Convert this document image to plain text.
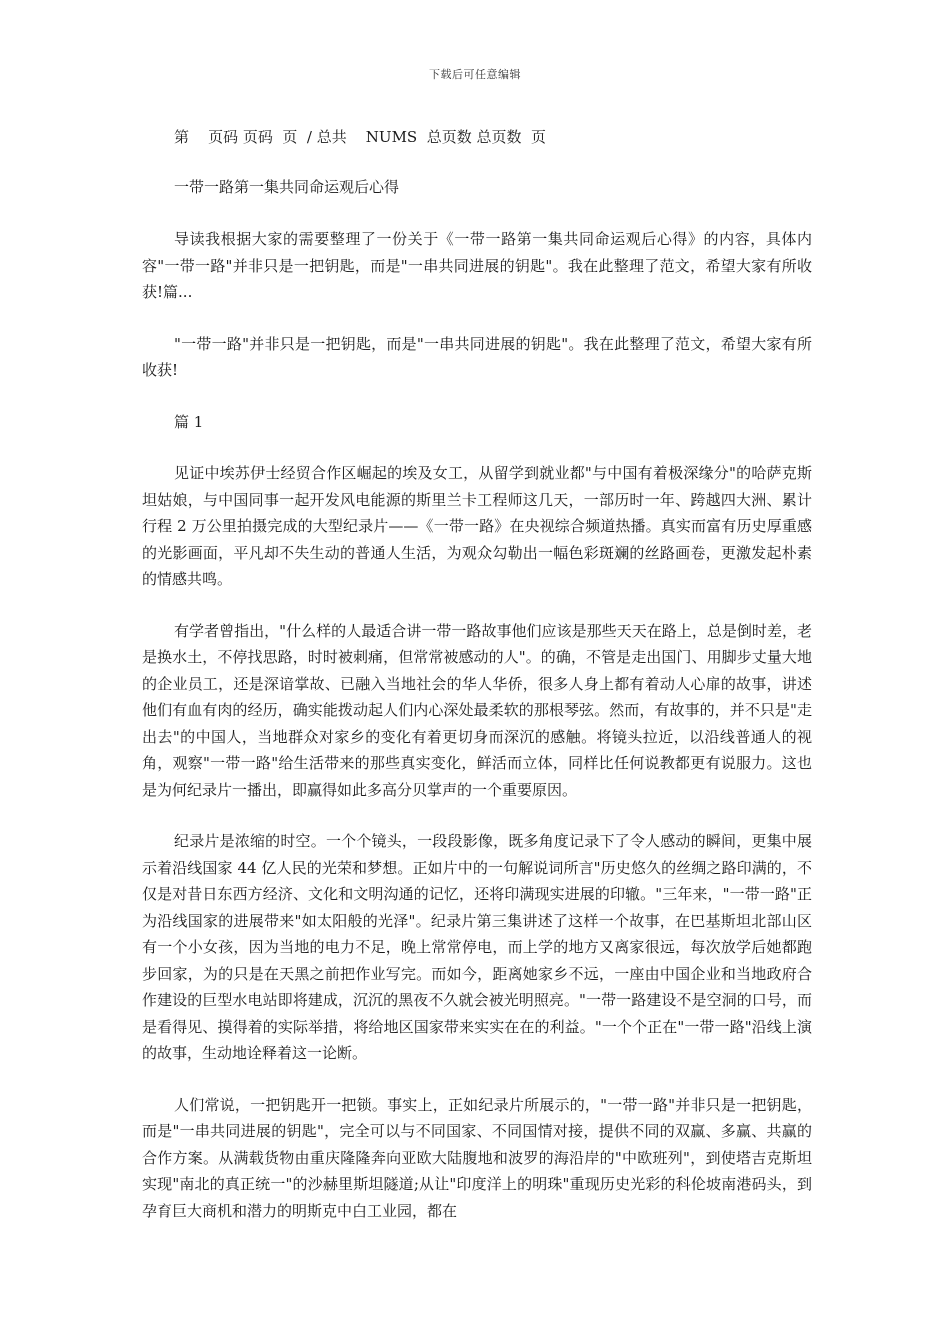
下载后可任意编辑
第    页码 页码  页  / 总共    NUMS  总页数 总页数  页
一带一路第一集共同命运观后心得

导读我根据大家的需要整理了一份关于《一带一路第一集共同命运观后心得》的内容，具体内容"一带一路"并非只是一把钥匙，而是"一串共同进展的钥匙"。我在此整理了范文，希望大家有所收获!篇...

"一带一路"并非只是一把钥匙，而是"一串共同进展的钥匙"。我在此整理了范文，希望大家有所收获!

篇 1

见证中埃苏伊士经贸合作区崛起的埃及女工，从留学到就业都"与中国有着极深缘分"的哈萨克斯坦姑娘，与中国同事一起开发风电能源的斯里兰卡工程师这几天，一部历时一年、跨越四大洲、累计行程 2 万公里拍摄完成的大型纪录片——《一带一路》在央视综合频道热播。真实而富有历史厚重感的光影画面，平凡却不失生动的普通人生活，为观众勾勒出一幅色彩斑斓的丝路画卷，更激发起朴素的情感共鸣。

有学者曾指出，"什么样的人最适合讲一带一路故事他们应该是那些天天在路上，总是倒时差，老是换水土，不停找思路，时时被刺痛，但常常被感动的人"。的确，不管是走出国门、用脚步丈量大地的企业员工，还是深谙掌故、已融入当地社会的华人华侨，很多人身上都有着动人心扉的故事，讲述他们有血有肉的经历，确实能拨动起人们内心深处最柔软的那根琴弦。然而，有故事的，并不只是"走出去"的中国人，当地群众对家乡的变化有着更切身而深沉的感触。将镜头拉近，以沿线普通人的视角，观察"一带一路"给生活带来的那些真实变化，鲜活而立体，同样比任何说教都更有说服力。这也是为何纪录片一播出，即赢得如此多高分贝掌声的一个重要原因。

纪录片是浓缩的时空。一个个镜头，一段段影像，既多角度记录下了令人感动的瞬间，更集中展示着沿线国家 44 亿人民的光荣和梦想。正如片中的一句解说词所言"历史悠久的丝绸之路印满的，不仅是对昔日东西方经济、文化和文明沟通的记忆，还将印满现实进展的印辙。"三年来，"一带一路"正为沿线国家的进展带来"如太阳般的光泽"。纪录片第三集讲述了这样一个故事，在巴基斯坦北部山区有一个小女孩，因为当地的电力不足，晚上常常停电，而上学的地方又离家很远，每次放学后她都跑步回家，为的只是在天黑之前把作业写完。而如今，距离她家乡不远，一座由中国企业和当地政府合作建设的巨型水电站即将建成，沉沉的黑夜不久就会被光明照亮。"一带一路建设不是空洞的口号，而是看得见、摸得着的实际举措，将给地区国家带来实实在在的利益。"一个个正在"一带一路"沿线上演的故事，生动地诠释着这一论断。

人们常说，一把钥匙开一把锁。事实上，正如纪录片所展示的，"一带一路"并非只是一把钥匙，而是"一串共同进展的钥匙"，完全可以与不同国家、不同国情对接，提供不同的双赢、多赢、共赢的合作方案。从满载货物由重庆隆隆奔向亚欧大陆腹地和波罗的海沿岸的"中欧班列"，到使塔吉克斯坦实现"南北的真正统一"的沙赫里斯坦隧道;从让"印度洋上的明珠"重现历史光彩的科伦坡南港码头，到孕育巨大商机和潜力的明斯克中白工业园，都在
